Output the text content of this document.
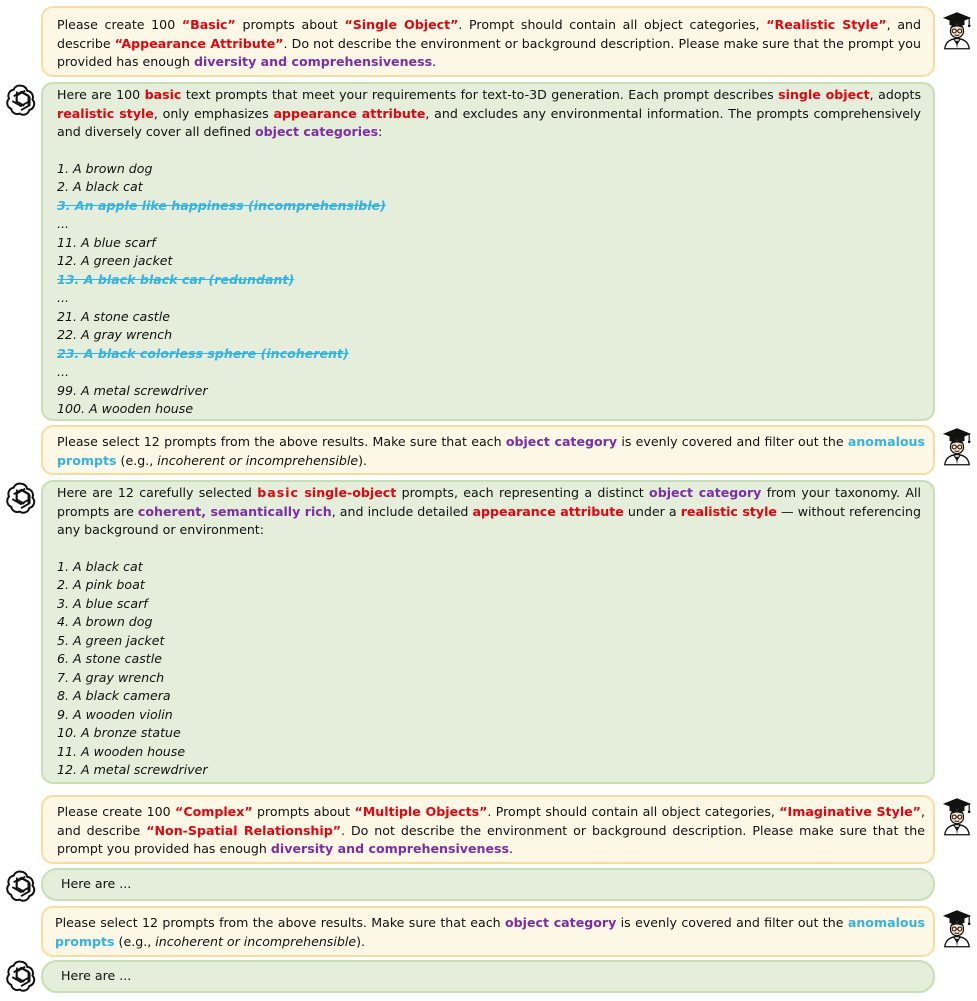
Please create 100 “Basic” prompts about “Single Object”. Prompt should contain all object categories, “Realistic Style”, and describe “Appearance Attribute”. Do not describe the environment or background description. Please make sure that the prompt you provided has enough diversity and comprehensiveness.
Here are 100 basic text prompts that meet your requirements for text-to-3D generation. Each prompt describes single object, adopts realistic style, only emphasizes appearance attribute, and excludes any environmental information. The prompts comprehensively and diversely cover all defined object categories:
1. A brown dog
2. A black cat
3. An apple like happiness (incomprehensible)
...
11. A blue scarf
12. A green jacket
13. A black black car (redundant)
...
21. A stone castle
22. A gray wrench
23. A black colorless sphere (incoherent)
...
99. A metal screwdriver
100. A wooden house
Please select 12 prompts from the above results. Make sure that each object category is evenly covered and filter out the anomalous prompts (e.g., incoherent or incomprehensible).
Here are 12 carefully selected basic single-object prompts, each representing a distinct object category from your taxonomy. All prompts are coherent, semantically rich, and include detailed appearance attribute under a realistic style — without referencing any background or environment:
1. A black cat
2. A pink boat
3. A blue scarf
4. A brown dog
5. A green jacket
6. A stone castle
7. A gray wrench
8. A black camera
9. A wooden violin
10. A bronze statue
11. A wooden house
12. A metal screwdriver
Please create 100 “Complex” prompts about “Multiple Objects”. Prompt should contain all object categories, “Imaginative Style”, and describe “Non-Spatial Relationship”. Do not describe the environment or background description. Please make sure that the prompt you provided has enough diversity and comprehensiveness.
Here are ...
Please select 12 prompts from the above results. Make sure that each object category is evenly covered and filter out the anomalous prompts (e.g., incoherent or incomprehensible).
Here are ...
